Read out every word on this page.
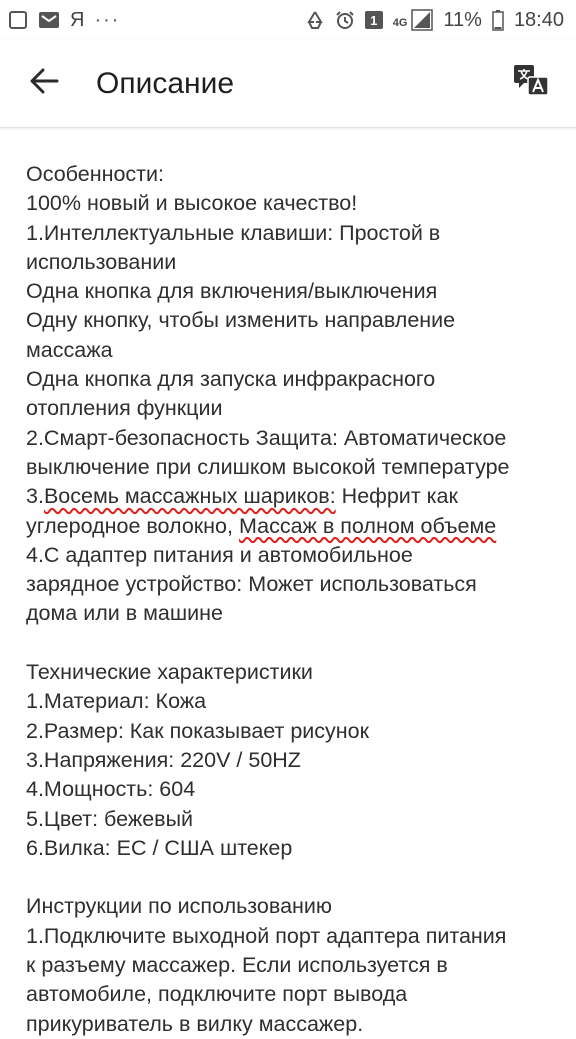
Я ···	1	4G 11% 18:40
Описание
Особенности:
100% новый и высокое качество!
1.Интеллектуальные клавиши: Простой в
использовании
Одна кнопка для включения/выключения
Одну кнопку, чтобы изменить направление
массажа
Одна кнопка для запуска инфракрасного
отопления функции
2.Смарт-безопасность Защита: Автоматическое
выключение при слишком высокой температуре
3.Восемь массажных шариков: Нефрит как
углеродное волокно, Массаж в полном объеме
4.С адаптер питания и автомобильное
зарядное устройство: Может использоваться
дома или в машине
Технические характеристики
1.Материал: Кожа
2.Размер: Как показывает рисунок
3.Напряжения: 220V / 50HZ
4.Мощность: 604
5.Цвет: бежевый
6.Вилка: ЕС / США штекер
Инструкции по использованию
1.Подключите выходной порт адаптера питания
к разъему массажер. Если используется в
автомобиле, подключите порт вывода
прикуриватель в вилку массажер.
